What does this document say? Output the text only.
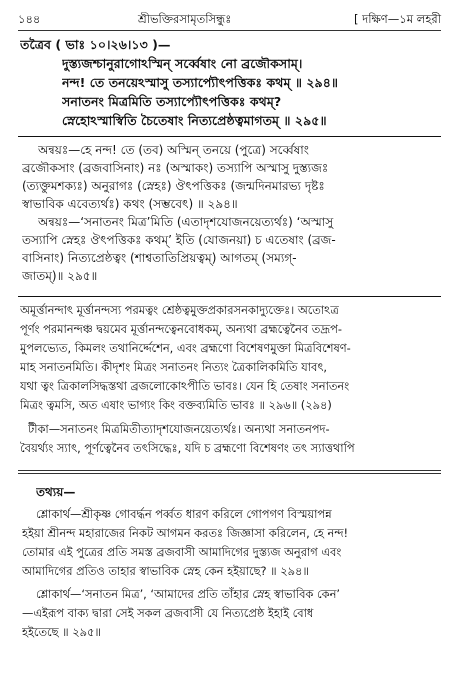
১৪৪	শ্রীভক্তিরসামৃতসিন্ধুঃ	[ দক্ষিণ—১ম লহরী
তত্রৈব ( ভাঃ ১০।২৬।১৩ )—
দুস্ত্যজশ্চানুরাগোঽস্মিন্ সর্ব্বেষাং নো ব্রজৌকসাম্।
নন্দ! তে তনয়েঽস্মাসু তস্যাপ্যৌৎপত্তিকঃ কথম্ ॥ ২৯৪॥
সনাতনং মিত্রমিতি তস্যাপ্যৌৎপত্তিকঃ কথম্?
স্নেহোঽস্মাস্বিতি চৈতেষাং নিত্যপ্রেষ্ঠত্বমাগতম্ ॥ ২৯৫॥
অন্বয়ঃ—হে নন্দ! তে (তব) অস্মিন্ তনয়ে (পুত্রে) সর্ব্বেষাং
ব্রজৌকসাং (ব্রজবাসিনাং) নঃ (অস্মাকং) তস্যাপি অস্মাসু দুস্ত্যজঃ
(ত্যক্তুমশক্যঃ) অনুরাগঃ (স্নেহঃ) ঔৎপত্তিকঃ (জন্মদিনমারভ্য দৃষ্টঃ
স্বাভাবিক এবেত্যর্থঃ) কথং (সম্ভবেৎ) ॥ ২৯৪॥
অন্বয়ঃ—‘সনাতনং মিত্র’মিতি (এতাদৃশযোজনয়েত্যর্থঃ) ‘অস্মাসু
তস্যাপি স্নেহঃ ঔৎপত্তিকঃ কথম্’ ইতি (যোজনয়া) চ এতেষাং (ব্রজ-
বাসিনাং) নিত্যপ্রেষ্ঠত্বং (শাশ্বতাতিপ্রিয়ত্বম্) আগতম্ (সম্যগ্-
জাতম্)॥ ২৯৫॥
অমূর্ত্তানন্দাৎ মূর্ত্তানন্দস্য পরমত্বং শ্রেষ্ঠত্বমুক্তপ্রকারসনকাদ্যুক্তেঃ। অতোঽত্র
পূর্ণং পরমানন্দঞ্চ দ্বয়মেব মূর্ত্তানন্দত্বেনবোধকম্, অন্যথা ব্রহ্মত্বেনৈব তদ্রূপ-
মুপলভ্যেত, কিমলং তথানির্দ্দেশেন, এবং ব্রহ্মণো বিশেষণমুক্তা মিত্রবিশেষণ-
মাহ সনাতনমিতি। কীদৃশং মিত্রং সনাতনং নিত্যং ত্রৈকালিকমিতি যাবৎ,
যথা ত্বং ত্রিকালসিদ্ধস্তথা ব্রজলোকোঽপীতি ভাবঃ। যেন হি তেষাং সনাতনং
মিত্রং ত্বমসি, অত এষাং ভাগ্যং কিং বক্তব্যমিতি ভাবঃ ॥ ২৯৬॥ (২৯৪)
টীকা—সনাতনং মিত্রমিতীত্যাদৃশযোজনয়েত্যর্থঃ। অন্যথা সনাতনপদ-
বৈয়র্থ্যং স্যাৎ, পূর্ণত্বেনৈব তৎসিদ্ধেঃ, যদি চ ব্রহ্মণো বিশেষণং তৎ স্যাত্তথাপি
তথ্যয়—
শ্লোকার্থ—শ্রীকৃষ্ণ গোবর্দ্ধন পর্ব্বত ধারণ করিলে গোপগণ বিস্ময়াপন্ন
হইয়া শ্রীনন্দ মহারাজের নিকট আগমন করতঃ জিজ্ঞাসা করিলেন, হে নন্দ!
তোমার এই পুত্রের প্রতি সমস্ত ব্রজবাসী আমাদিগের দুস্ত্যজ অনুরাগ এবং
আমাদিগের প্রতিও তাহার স্বাভাবিক স্নেহ কেন হইয়াছে? ॥ ২৯৪॥
শ্লোকার্থ—‘সনাতন মিত্র’, ‘আমাদের প্রতি তাঁহার স্নেহ স্বাভাবিক কেন’
—এইরূপ বাক্য দ্বারা সেই সকল ব্রজবাসী যে নিত্যপ্রেষ্ঠ ইহাই বোধ
হইতেছে ॥ ২৯৫॥
